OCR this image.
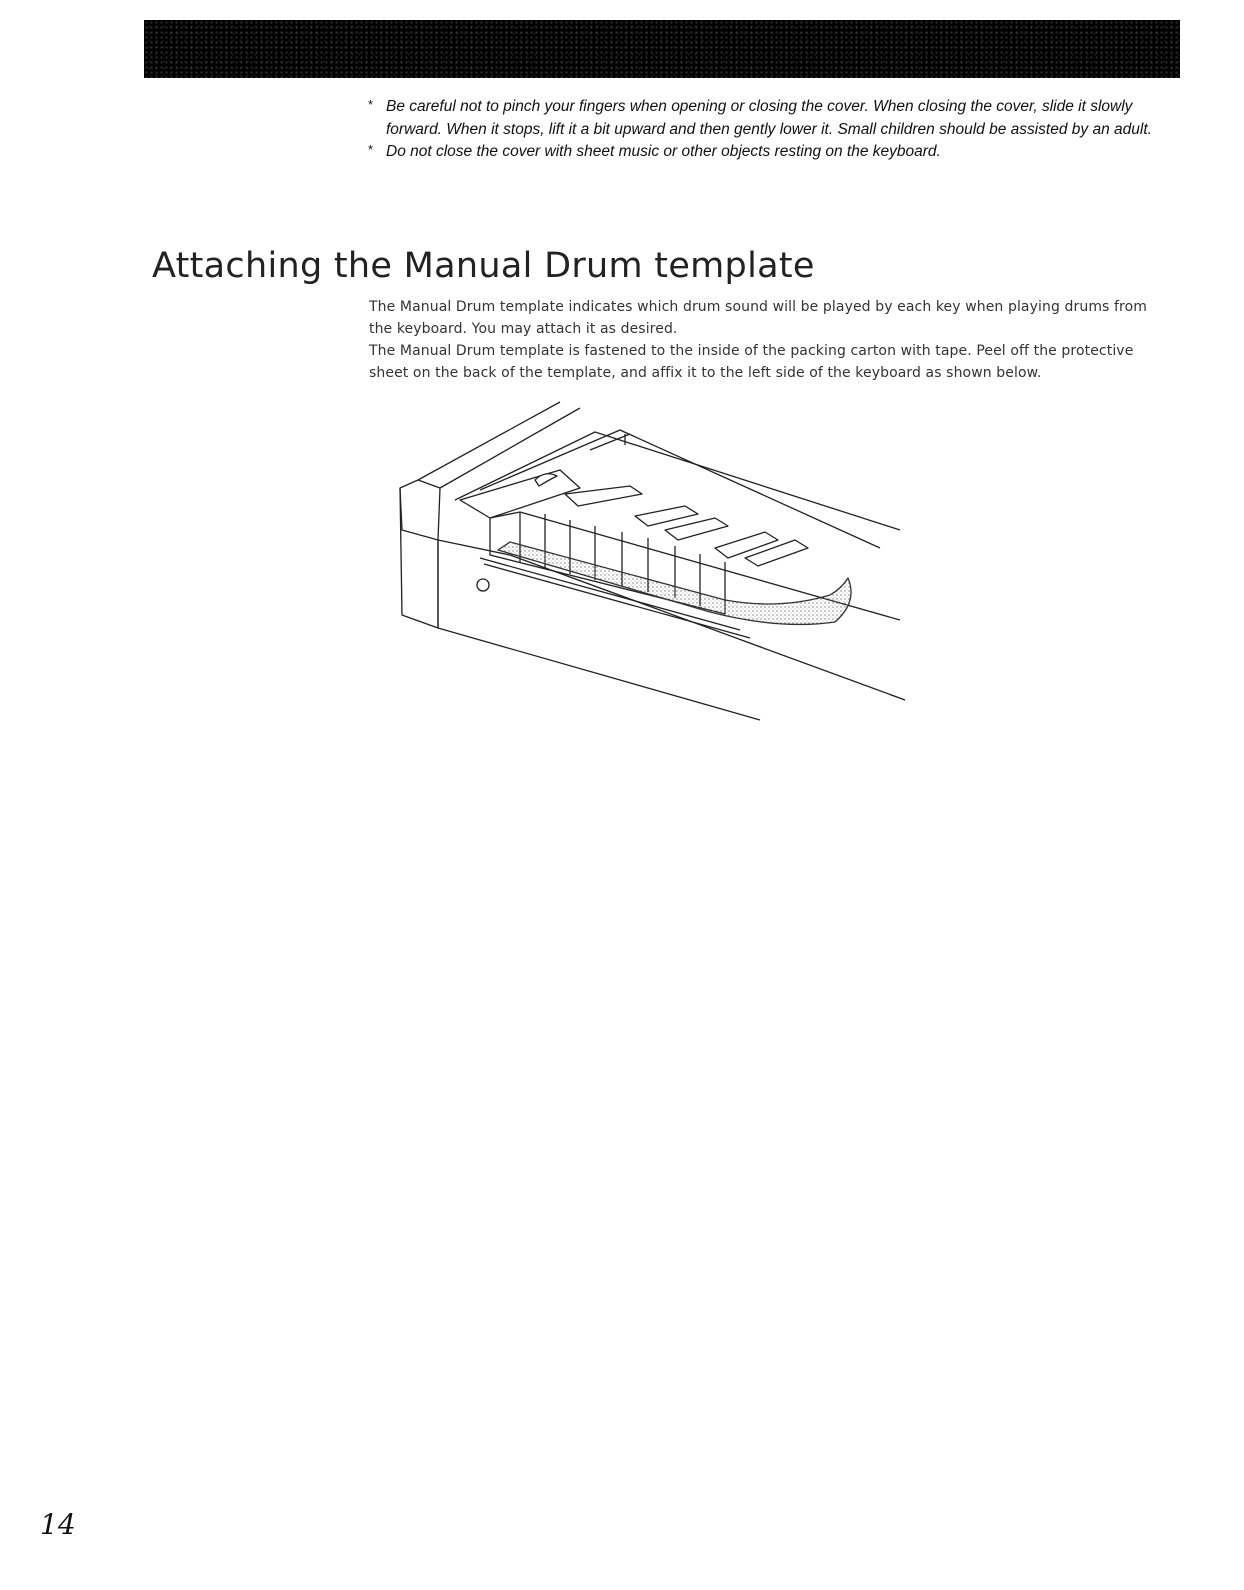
* Be careful not to pinch your fingers when opening or closing the cover. When closing the cover, slide it slowly forward. When it stops, lift it a bit upward and then gently lower it. Small children should be assisted by an adult.
* Do not close the cover with sheet music or other objects resting on the keyboard.
Attaching the Manual Drum template

The Manual Drum template indicates which drum sound will be played by each key when playing drums from the keyboard. You may attach it as desired.

The Manual Drum template is fastened to the inside of the packing carton with tape. Peel off the protective sheet on the back of the template, and affix it to the left side of the keyboard as shown below.

14
